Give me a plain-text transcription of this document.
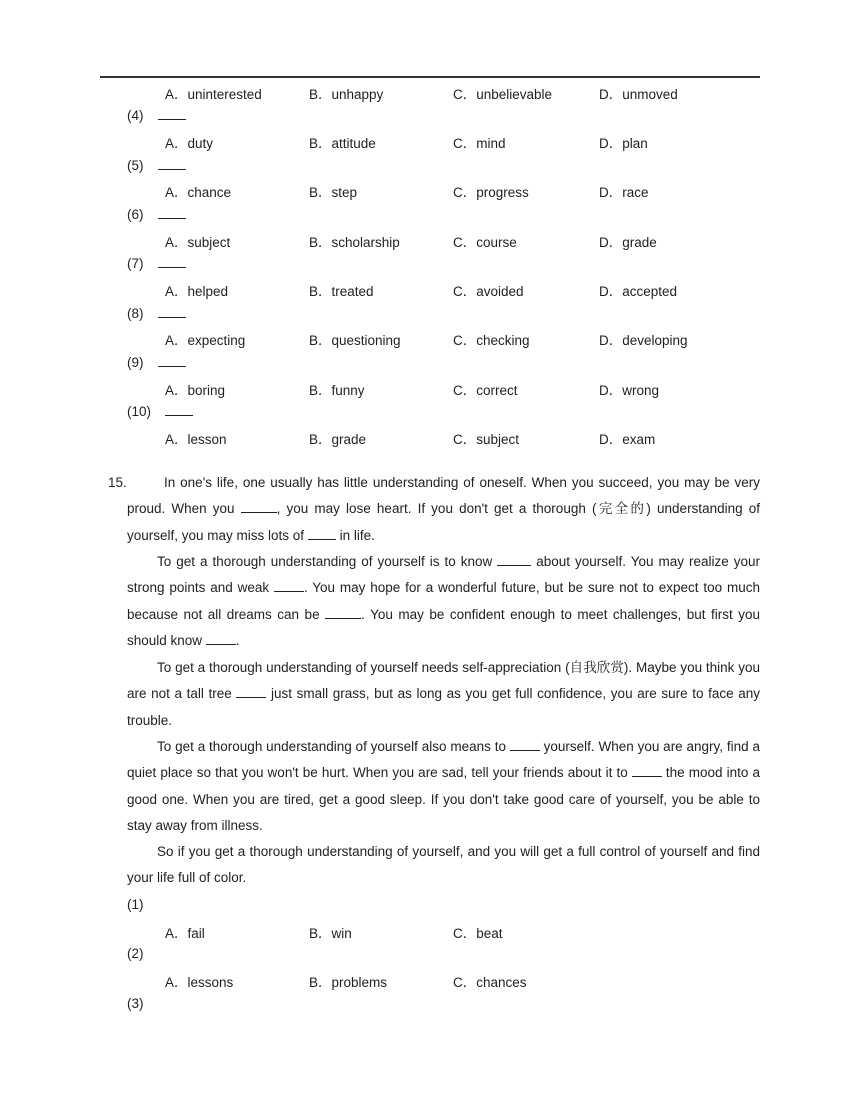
A．uninterested	B．unhappy	C．unbelievable	D．unmoved
(4)
A．duty	B．attitude	C．mind	D．plan
(5)
A．chance	B．step	C．progress	D．race
(6)
A．subject	B．scholarship	C．course	D．grade
(7)
A．helped	B．treated	C．avoided	D．accepted
(8)
A．expecting	B．questioning	C．checking	D．developing
(9)
A．boring	B．funny	C．correct	D．wrong
(10)
A．lesson	B．grade	C．subject	D．exam
15.	In one's life, one usually has little understanding of oneself. When you succeed, you may be very proud. When you	, you may lose heart. If you don't get a thorough (完全的) understanding of yourself, you may miss lots of  in life.
To get a thorough understanding of yourself is to know	about yourself. You may realize your strong points and weak . You may hope for a wonderful future, but be sure not to expect too much because not all dreams can be	. You may be confident enough to meet challenges, but first you should know .
To get a thorough understanding of yourself needs self-appreciation (自我欣赏). Maybe you think you are not a tall tree  just small grass, but as long as you get full confidence, you are sure to face any trouble.
To get a thorough understanding of yourself also means to  yourself. When you are angry, find a quiet place so that you won't be hurt. When you are sad, tell your friends about it to  the mood into a good one. When you are tired, get a good sleep. If you don't take good care of yourself, you be able to stay away from illness.
So if you get a thorough understanding of yourself, and you will get a full control of yourself and find your life full of color.
(1)
A．fail	B．win	C．beat
(2)
A．lessons	B．problems	C．chances
(3)
